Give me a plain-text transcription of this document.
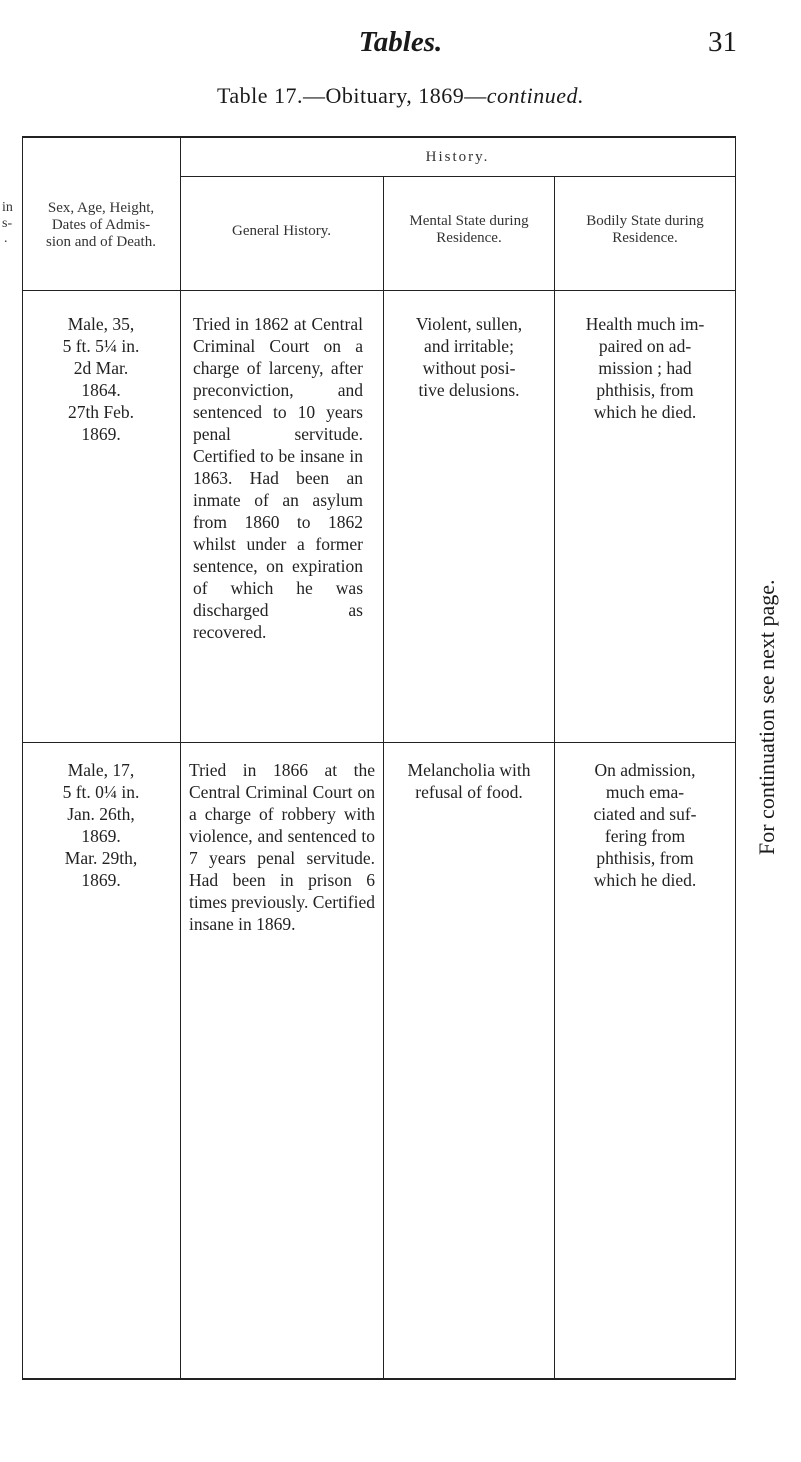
Tables.	31
Table 17.—Obituary, 1869—continued.
in
s-
.
History.
Sex, Age, Height,
Dates of Admis-
sion and of Death.
General History.
Mental State during
Residence.
Bodily State during
Residence.
Male, 35,
5 ft. 5¼ in.
2d Mar.
1864.
27th Feb.
1869.
Tried in 1862 at Central Criminal Court on a charge of larceny, after preconviction, and sentenced to 10 years penal servitude. Certified to be insane in 1863. Had been an inmate of an asylum from 1860 to 1862 whilst under a former sentence, on expiration of which he was discharged as recovered.
Violent, sullen,
and irritable;
without posi-
tive delusions.
Health much im-
paired on ad-
mission ; had
phthisis, from
which he died.
Male, 17,
5 ft. 0¼ in.
Jan. 26th,
1869.
Mar. 29th,
1869.
Tried in 1866 at the Central Criminal Court on a charge of robbery with violence, and sentenced to 7 years penal servitude. Had been in prison 6 times previously. Certified insane in 1869.
Melancholia with
refusal of food.
On admission,
much ema-
ciated and suf-
fering from
phthisis, from
which he died.
For continuation see next page.
